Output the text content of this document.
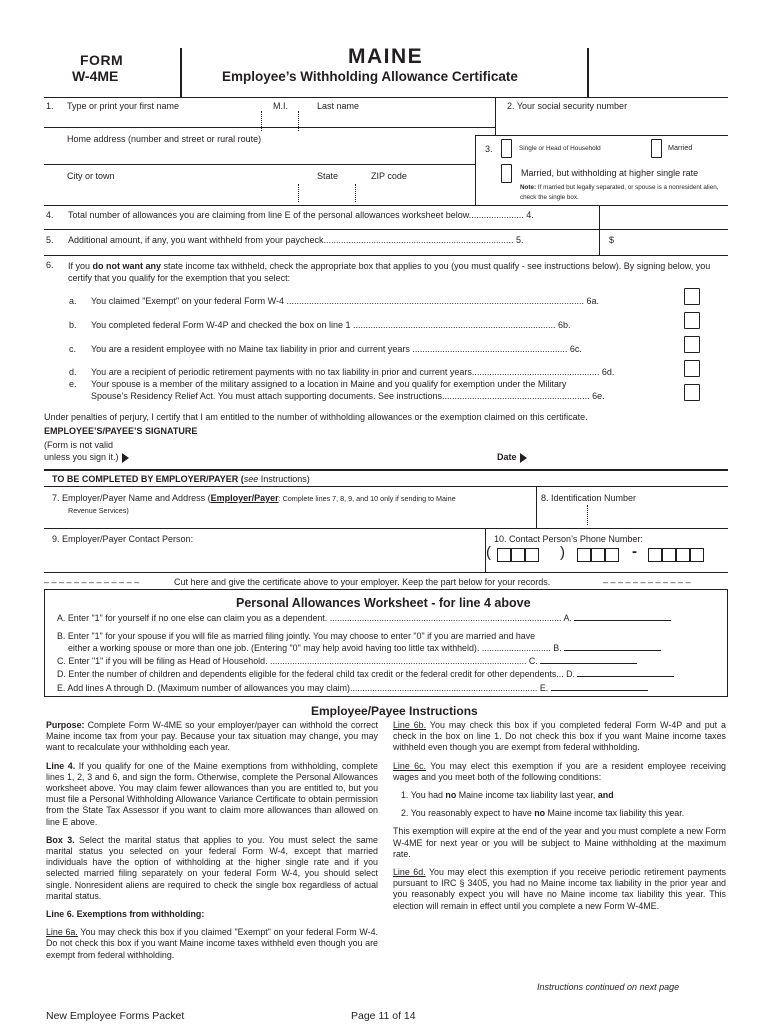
FORM
W-4ME
MAINE
Employee’s Withholding Allowance Certificate
1. Type or print your first name	M.I.	Last name	2. Your social security number
Home address (number and street or rural route)
City or town	State	ZIP code
3.	Single or Head of Household	Married
Married, but withholding at higher single rate
Note: If married but legally separated, or spouse is a nonresident alien, check the single box.
4. Total number of allowances you are claiming from line E of the personal allowances worksheet below...................... 4.
5. Additional amount, if any, you want withheld from your paycheck............................................................................ 5.	$
6. If you do not want any state income tax withheld, check the appropriate box that applies to you (you must qualify - see instructions below). By signing below, you certify that you qualify for the exemption that you select:
a. You claimed "Exempt" on your federal Form W-4 ....................................................................................................................... 6a.
b. You completed federal Form W-4P and checked the box on line 1 ................................................................................. 6b.
c. You are a resident employee with no Maine tax liability in prior and current years .............................................................. 6c.
d. You are a recipient of periodic retirement payments with no tax liability in prior and current years................................................... 6d.
e. Your spouse is a member of the military assigned to a location in Maine and you qualify for exemption under the Military
Spouse’s Residency Relief Act. You must attach supporting documents. See instructions........................................................... 6e.
Under penalties of perjury, I certify that I am entitled to the number of withholding allowances or the exemption claimed on this certificate.
EMPLOYEE’S/PAYEE’S SIGNATURE
(Form is not valid
unless you sign it.)	Date
TO BE COMPLETED BY EMPLOYER/PAYER (see Instructions)
7. Employer/Payer Name and Address (Employer/Payer: Complete lines 7, 8, 9, and 10 only if sending to Maine
Revenue Services)
8. Identification Number
9. Employer/Payer Contact Person:	10. Contact Person’s Phone Number:
(	)	-
– – – – – – – – – – – – –	Cut here and give the certificate above to your employer. Keep the part below for your records.	– – – – – – – – – – – –
Personal Allowances Worksheet - for line 4 above
A. Enter "1" for yourself if no one else can claim you as a dependent. .............................................................................................. A.
B. Enter "1" for your spouse if you will file as married filing jointly. You may choose to enter "0" if you are married and have
either a working spouse or more than one job. (Entering "0" may help avoid having too little tax withheld). ............................ B.
C. Enter "1" if you will be filing as Head of Household. ........................................................................................................ C.
D. Enter the number of children and dependents eligible for the federal child tax credit or the federal credit for other dependents... D.
E. Add lines A through D. (Maximum number of allowances you may claim)............................................................................ E.
Employee/Payee Instructions

Purpose: Complete Form W-4ME so your employer/payer can withhold the correct Maine income tax from your pay. Because your tax situation may change, you may want to recalculate your withholding each year.

Line 4. If you qualify for one of the Maine exemptions from withholding, complete lines 1, 2, 3 and 6, and sign the form. Otherwise, complete the Personal Allowances worksheet above. You may claim fewer allowances than you are entitled to, but you must file a Personal Withholding Allowance Variance Certificate to obtain permission from the State Tax Assessor if you want to claim more allowances than allowed on line E above.

Box 3. Select the marital status that applies to you. You must select the same marital status you selected on your federal Form W-4, except that married individuals have the option of withholding at the higher single rate and if you selected married filing separately on your federal Form W-4, you should select single. Nonresident aliens are required to check the single box regardless of actual marital status.

Line 6. Exemptions from withholding:

Line 6a. You may check this box if you claimed "Exempt" on your federal Form W-4. Do not check this box if you want Maine income taxes withheld even though you are exempt from federal withholding.

Line 6b. You may check this box if you completed federal Form W-4P and put a check in the box on line 1. Do not check this box if you want Maine income taxes withheld even though you are exempt from federal withholding.

Line 6c. You may elect this exemption if you are a resident employee receiving wages and you meet both of the following conditions:

1. You had no Maine income tax liability last year, and

2. You reasonably expect to have no Maine income tax liability this year.

This exemption will expire at the end of the year and you must complete a new Form W-4ME for next year or you will be subject to Maine withholding at the maximum rate.

Line 6d. You may elect this exemption if you receive periodic retirement payments pursuant to IRC § 3405, you had no Maine income tax liability in the prior year and you reasonably expect you will have no Maine income tax liability this year. This election will remain in effect until you complete a new Form W-4ME.

Instructions continued on next page
New Employee Forms Packet	Page 11 of 14
